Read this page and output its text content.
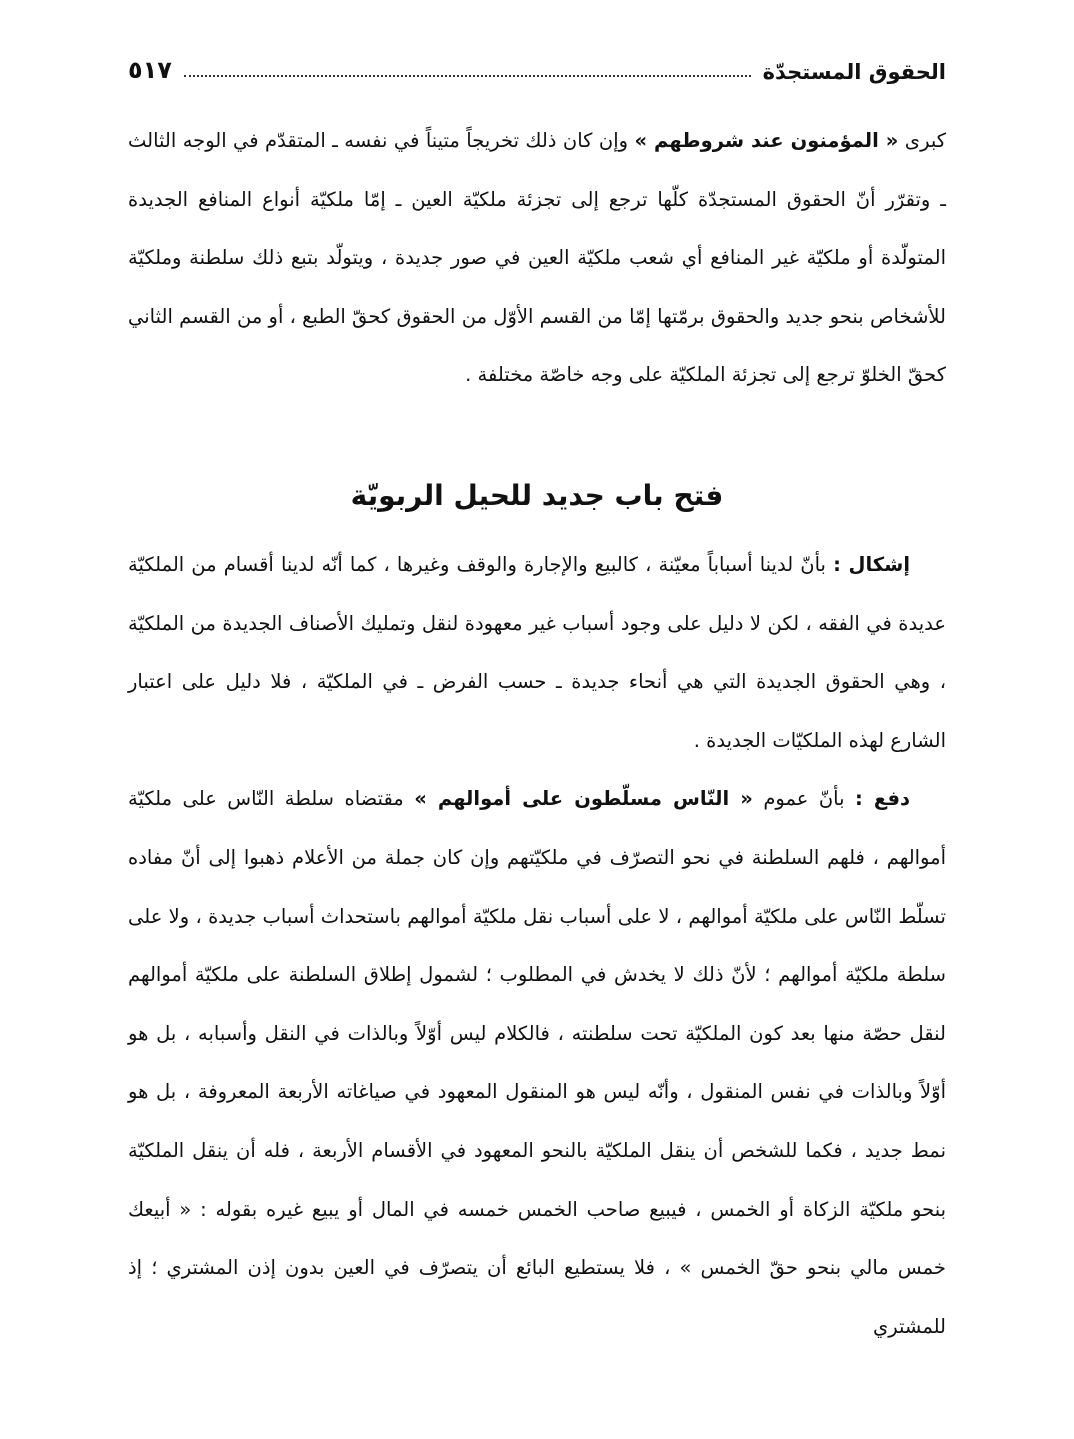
الحقوق المستجدّة
٥١٧

كبرى « المؤمنون عند شروطهم » وإن كان ذلك تخريجاً متيناً في نفسه ـ المتقدّم في الوجه الثالث ـ وتقرّر أنّ الحقوق المستجدّة كلّها ترجع إلى تجزئة ملكيّة العين ـ إمّا ملكيّة أنواع المنافع الجديدة المتولّدة أو ملكيّة غير المنافع أي شعب ملكيّة العين في صور جديدة ، ويتولّد بتبع ذلك سلطنة وملكيّة للأشخاص بنحو جديد والحقوق برمّتها إمّا من القسم الأوّل من الحقوق كحقّ الطبع ، أو من القسم الثاني كحقّ الخلوّ ترجع إلى تجزئة الملكيّة على وجه خاصّة مختلفة .

فتح باب جديد للحيل الربويّة

إشكال : بأنّ لدينا أسباباً معيّنة ، كالبيع والإجارة والوقف وغيرها ، كما أنّه لدينا أقسام من الملكيّة عديدة في الفقه ، لكن لا دليل على وجود أسباب غير معهودة لنقل وتمليك الأصناف الجديدة من الملكيّة ، وهي الحقوق الجديدة التي هي أنحاء جديدة ـ حسب الفرض ـ في الملكيّة ، فلا دليل على اعتبار الشارع لهذه الملكيّات الجديدة .

دفع : بأنّ عموم « النّاس مسلّطون على أموالهم » مقتضاه سلطة النّاس على ملكيّة أموالهم ، فلهم السلطنة في نحو التصرّف في ملكيّتهم وإن كان جملة من الأعلام ذهبوا إلى أنّ مفاده تسلّط النّاس على ملكيّة أموالهم ، لا على أسباب نقل ملكيّة أموالهم باستحداث أسباب جديدة ، ولا على سلطة ملكيّة أموالهم ؛ لأنّ ذلك لا يخدش في المطلوب ؛ لشمول إطلاق السلطنة على ملكيّة أموالهم لنقل حصّة منها بعد كون الملكيّة تحت سلطنته ، فالكلام ليس أوّلاً وبالذات في النقل وأسبابه ، بل هو أوّلاً وبالذات في نفس المنقول ، وأنّه ليس هو المنقول المعهود في صياغاته الأربعة المعروفة ، بل هو نمط جديد ، فكما للشخص أن ينقل الملكيّة بالنحو المعهود في الأقسام الأربعة ، فله أن ينقل الملكيّة بنحو ملكيّة الزكاة أو الخمس ، فيبيع صاحب الخمس خمسه في المال أو يبيع غيره بقوله : « أبيعك خمس مالي بنحو حقّ الخمس » ، فلا يستطيع البائع أن يتصرّف في العين بدون إذن المشتري ؛ إذ للمشتري
